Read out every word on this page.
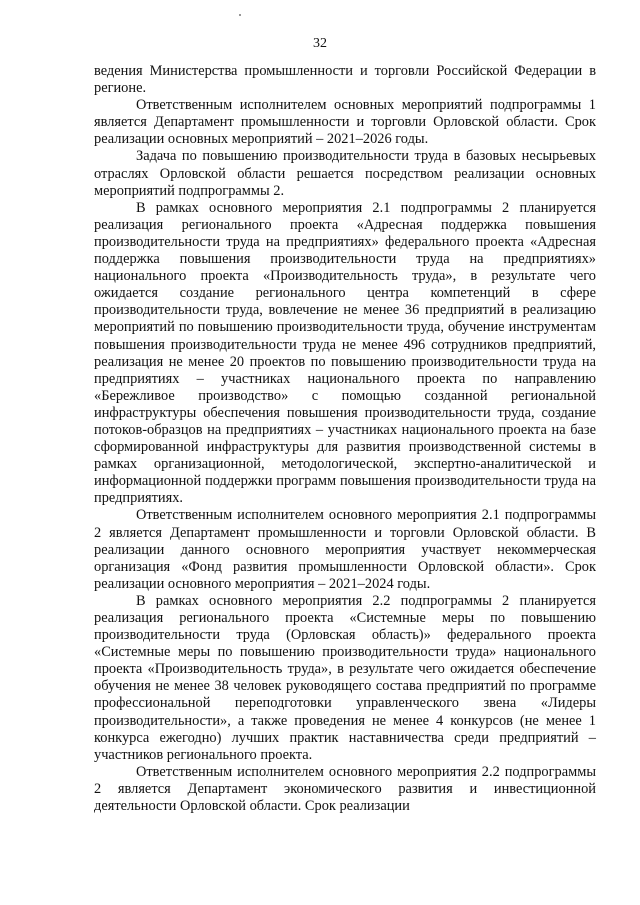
32

ведения Министерства промышленности и торговли Российской Федерации в регионе.

Ответственным исполнителем основных мероприятий подпрограммы 1 является Департамент промышленности и торговли Орловской области. Срок реализации основных мероприятий – 2021–2026 годы.

Задача по повышению производительности труда в базовых несырьевых отраслях Орловской области решается посредством реализации основных мероприятий подпрограммы 2.

В рамках основного мероприятия 2.1 подпрограммы 2 планируется реализация регионального проекта «Адресная поддержка повышения производительности труда на предприятиях» федерального проекта «Адресная поддержка повышения производительности труда на предприятиях» национального проекта «Производительность труда», в результате чего ожидается создание регионального центра компетенций в сфере производительности труда, вовлечение не менее 36 предприятий в реализацию мероприятий по повышению производительности труда, обучение инструментам повышения производительности труда не менее 496 сотрудников предприятий, реализация не менее 20 проектов по повышению производительности труда на предприятиях – участниках национального проекта по направлению «Бережливое производство» с помощью созданной региональной инфраструктуры обеспечения повышения производительности труда, создание потоков-образцов на предприятиях – участниках национального проекта на базе сформированной инфраструктуры для развития производственной системы в рамках организационной, методологической, экспертно-аналитической и информационной поддержки программ повышения производительности труда на предприятиях.

Ответственным исполнителем основного мероприятия 2.1 подпрограммы 2 является Департамент промышленности и торговли Орловской области. В реализации данного основного мероприятия участвует некоммерческая организация «Фонд развития промышленности Орловской области». Срок реализации основного мероприятия – 2021–2024 годы.

В рамках основного мероприятия 2.2 подпрограммы 2 планируется реализация регионального проекта «Системные меры по повышению производительности труда (Орловская область)» федерального проекта «Системные меры по повышению производительности труда» национального проекта «Производительность труда», в результате чего ожидается обеспечение обучения не менее 38 человек руководящего состава предприятий по программе профессиональной переподготовки управленческого звена «Лидеры производительности», а также проведения не менее 4 конкурсов (не менее 1 конкурса ежегодно) лучших практик наставничества среди предприятий – участников регионального проекта.

Ответственным исполнителем основного мероприятия 2.2 подпрограммы 2 является Департамент экономического развития и инвестиционной деятельности Орловской области. Срок реализации
